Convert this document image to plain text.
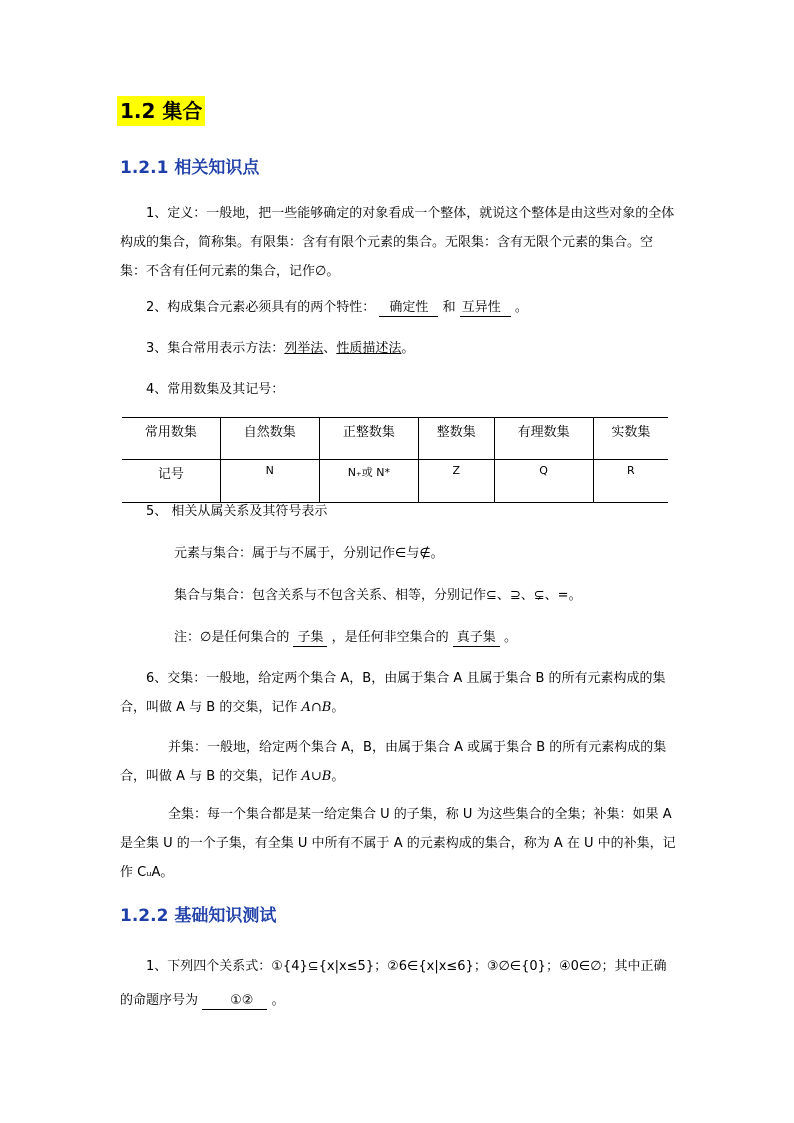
1.2 集合
1.2.1 相关知识点
1、定义：一般地，把一些能够确定的对象看成一个整体，就说这个整体是由这些对象的全体构成的集合，简称集。有限集：含有有限个元素的集合。无限集：含有无限个元素的集合。空集：不含有任何元素的集合，记作∅。
2、构成集合元素必须具有的两个特性： 确定性 和 互异性 。
3、集合常用表示方法：列举法、性质描述法。
4、常用数集及其记号：
常用数集	自然数集	正整数集	整数集	有理数集	实数集
记号	N	N₊或 N*	Z	Q	R
5、 相关从属关系及其符号表示
元素与集合：属于与不属于，分别记作∈与∉。
集合与集合：包含关系与不包含关系、相等，分别记作⊆、⊇、⊊、=。
注：∅是任何集合的 子集 ，是任何非空集合的 真子集 。
6、交集：一般地，给定两个集合 A，B，由属于集合 A 且属于集合 B 的所有元素构成的集合，叫做 A 与 B 的交集，记作 A∩B。
并集：一般地，给定两个集合 A，B，由属于集合 A 或属于集合 B 的所有元素构成的集合，叫做 A 与 B 的交集，记作 A∪B。
全集：每一个集合都是某一给定集合 U 的子集，称 U 为这些集合的全集；补集：如果 A 是全集 U 的一个子集，有全集 U 中所有不属于 A 的元素构成的集合，称为 A 在 U 中的补集，记作 CᵤA。
1.2.2 基础知识测试
1、下列四个关系式：①{4}⊆{x|x≤5}；②6∈{x|x≤6}；③∅∈{0}；④0∈∅；其中正确的命题序号为 ①② 。
